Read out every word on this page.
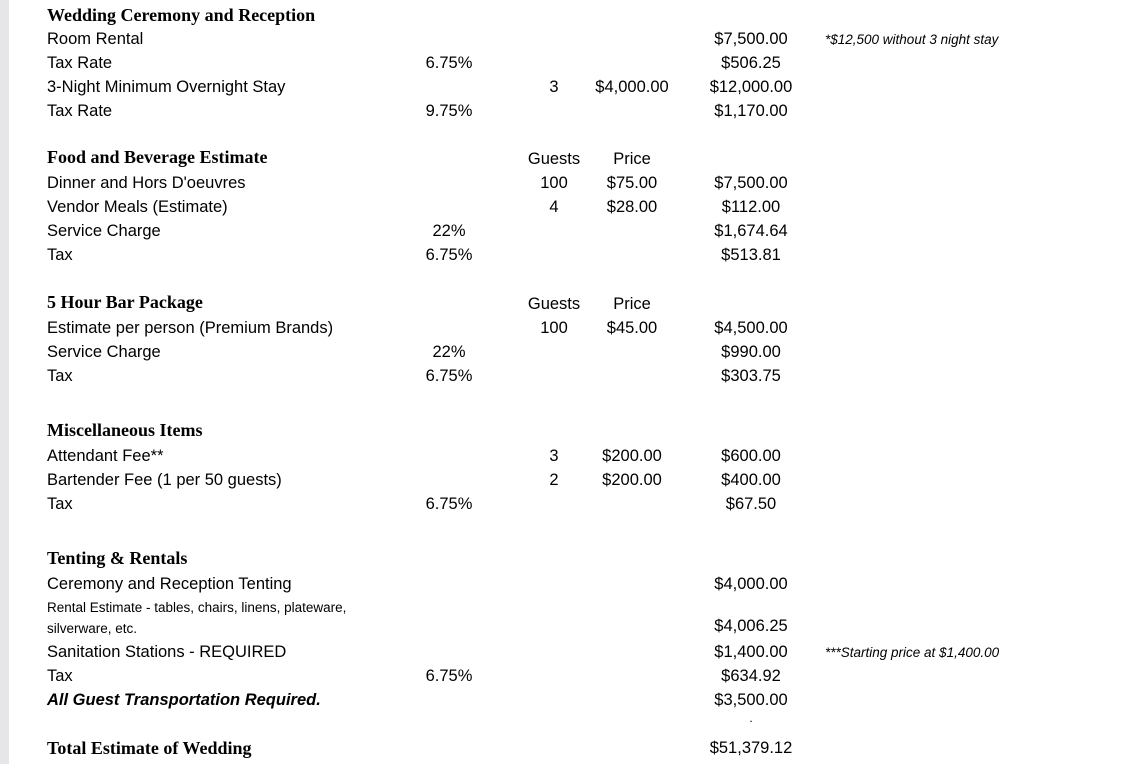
Wedding Ceremony and Reception
Room Rental	$7,500.00	*$12,500 without 3 night stay
Tax Rate	6.75%	$506.25
3-Night Minimum Overnight Stay	3	$4,000.00	$12,000.00
Tax Rate	9.75%	$1,170.00
Food and Beverage Estimate	Guests	Price
Dinner and Hors D'oeuvres	100	$75.00	$7,500.00
Vendor Meals (Estimate)	4	$28.00	$112.00
Service Charge	22%	$1,674.64
Tax	6.75%	$513.81
5 Hour Bar Package	Guests	Price
Estimate per person (Premium Brands)	100	$45.00	$4,500.00
Service Charge	22%	$990.00
Tax	6.75%	$303.75
Miscellaneous Items
Attendant Fee**	3	$200.00	$600.00
Bartender Fee (1 per 50 guests)	2	$200.00	$400.00
Tax	6.75%	$67.50
Tenting & Rentals
Ceremony and Reception Tenting	$4,000.00
Rental Estimate - tables, chairs, linens, plateware,
silverware, etc.	$4,006.25
Sanitation Stations - REQUIRED	$1,400.00	***Starting price at $1,400.00
Tax	6.75%	$634.92
All Guest Transportation Required.	$3,500.00
.
Total Estimate of Wedding	$51,379.12
